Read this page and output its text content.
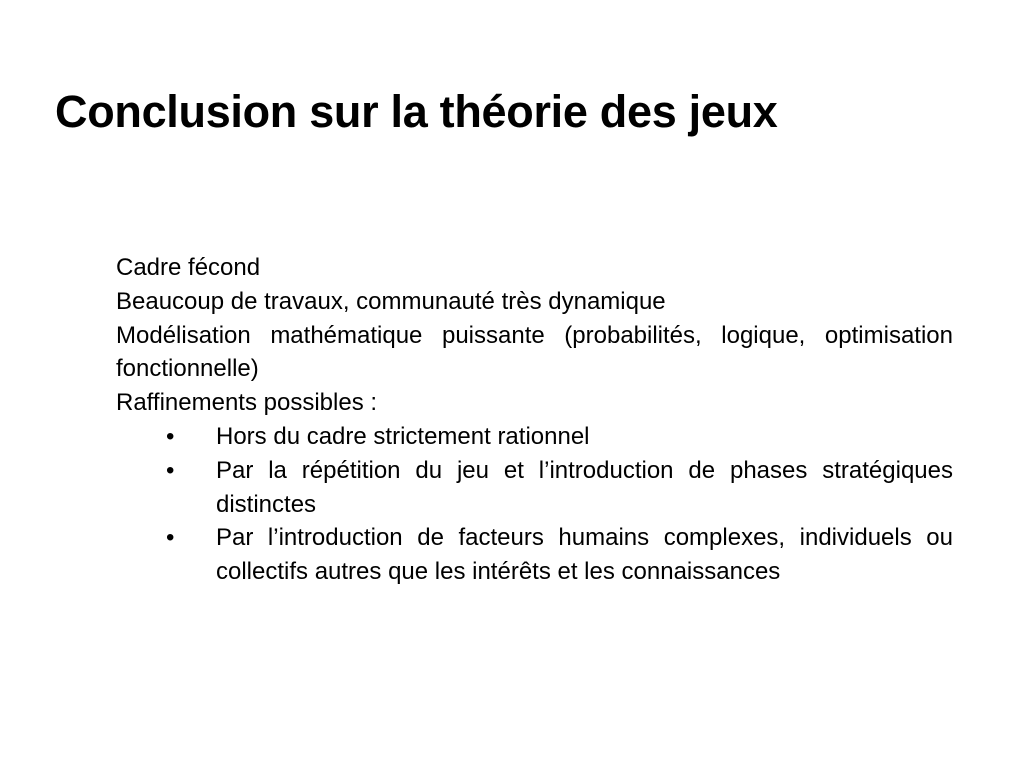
Conclusion sur la théorie des jeux

Cadre fécond

Beaucoup de travaux, communauté très dynamique

Modélisation mathématique puissante (probabilités, logique, optimisation fonctionnelle)

Raffinements possibles :

• Hors du cadre strictement rationnel
• Par la répétition du jeu et l’introduction de phases stratégiques distinctes
• Par l’introduction de facteurs humains complexes, individuels ou collectifs autres que les intérêts et les connaissances
